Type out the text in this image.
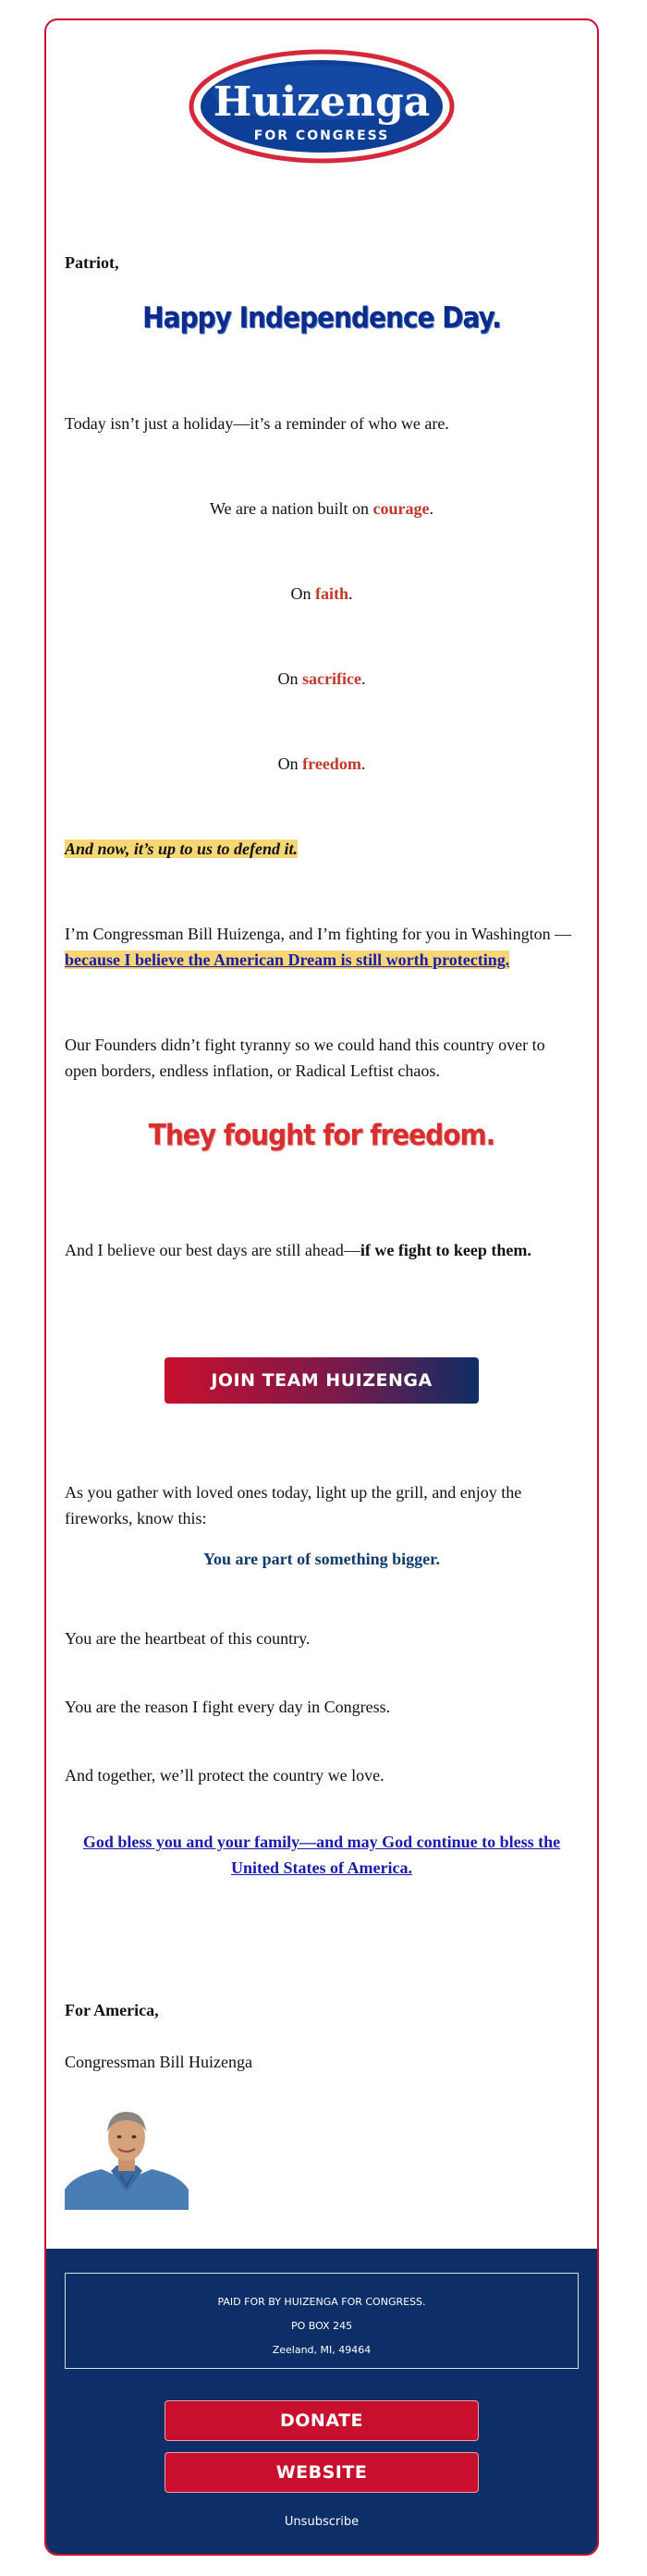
Huizenga
FOR CONGRESS
Patriot,
Happy Independence Day.
Today isn’t just a holiday—it’s a reminder of who we are.
We are a nation built on courage.
On faith.
On sacrifice.
On freedom.
And now, it’s up to us to defend it.
I’m Congressman Bill Huizenga, and I’m fighting for you in Washington —because I believe the American Dream is still worth protecting.
Our Founders didn’t fight tyranny so we could hand this country over to open borders, endless inflation, or Radical Leftist chaos.
They fought for freedom.
And I believe our best days are still ahead—if we fight to keep them.
JOIN TEAM HUIZENGA
As you gather with loved ones today, light up the grill, and enjoy the fireworks, know this:
You are part of something bigger.
You are the heartbeat of this country.
You are the reason I fight every day in Congress.
And together, we’ll protect the country we love.
God bless you and your family—and may God continue to bless the United States of America.
For America,
Congressman Bill Huizenga
PAID FOR BY HUIZENGA FOR CONGRESS.
PO BOX 245
Zeeland, MI, 49464
DONATE
WEBSITE
Unsubscribe
